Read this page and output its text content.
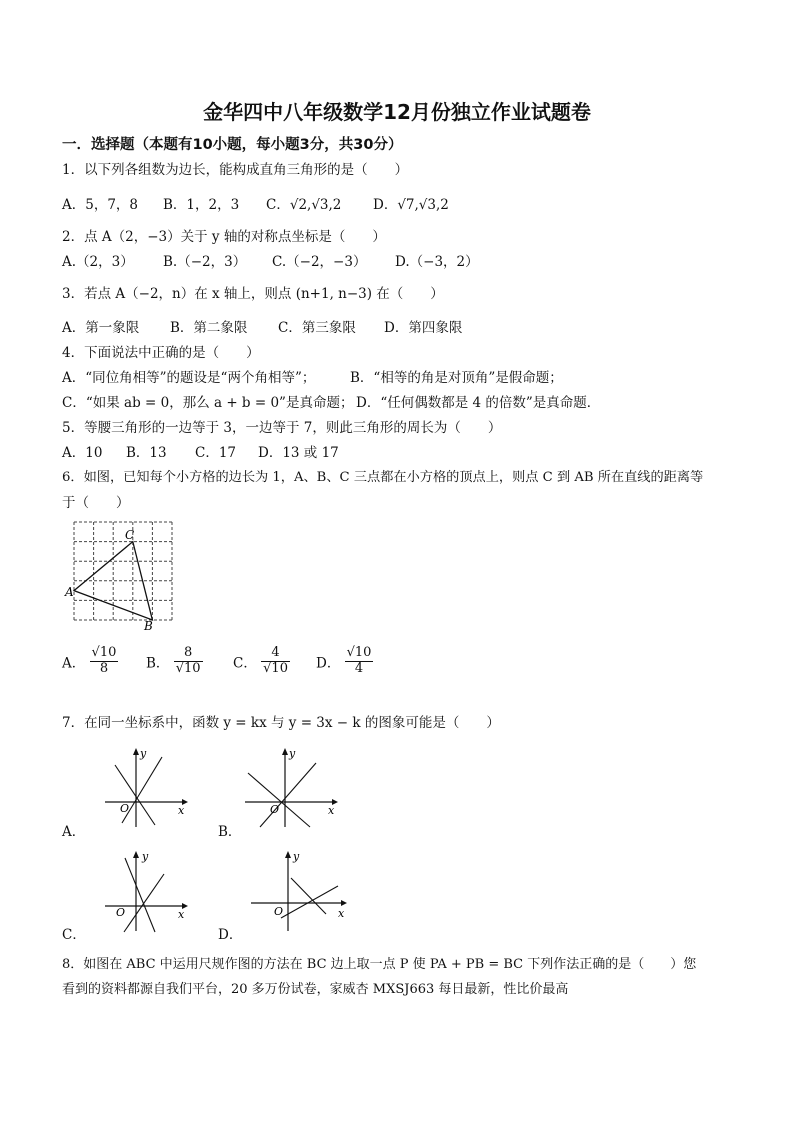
金华四中八年级数学12月份独立作业试题卷
一．选择题（本题有10小题，每小题3分，共30分）
1．以下列各组数为边长，能构成直角三角形的是（　　）
A．5，7，8 B．1，2，3 C．√2,√3,2 D．√7,√3,2
2．点 A（2，−3）关于 y 轴的对称点坐标是（　　）
A.（2，3） B.（−2，3） C.（−2，−3） D.（−3，2）
3．若点 A（−2，n）在 x 轴上，则点 (n+1, n−3) 在（　　）
A．第一象限 B．第二象限 C．第三象限 D．第四象限
4．下面说法中正确的是（　　）
A．“同位角相等”的题设是“两个角相等”；	B．“相等的角是对顶角”是假命题；
C．“如果 ab = 0，那么 a + b = 0”是真命题； D．“任何偶数都是 4 的倍数”是真命题．
5．等腰三角形的一边等于 3，一边等于 7，则此三角形的周长为（　　）
A．10 B．13 C．17 D．13 或 17
6．如图，已知每个小方格的边长为 1，A、B、C 三点都在小方格的顶点上，则点 C 到 AB 所在直线的距离等
于（　　）
C
A
B
A． $\frac{√10}{8}$ B． $\frac{8}{√10}$ C． $\frac{4}{√10}$ D． $\frac{√10}{4}$
7．在同一坐标系中，函数 y = kx 与 y = 3x − k 的图象可能是（　　）
x
y
O
A．
x
y
O
B．
x
y
O
C．
x
y
O
D．
8．如图在 ABC 中运用尺规作图的方法在 BC 边上取一点 P 使 PA + PB = BC 下列作法正确的是（　　）您
看到的资料都源自我们平台，20 多万份试卷，家威杏 MXSJ663 每日最新，性比价最高
